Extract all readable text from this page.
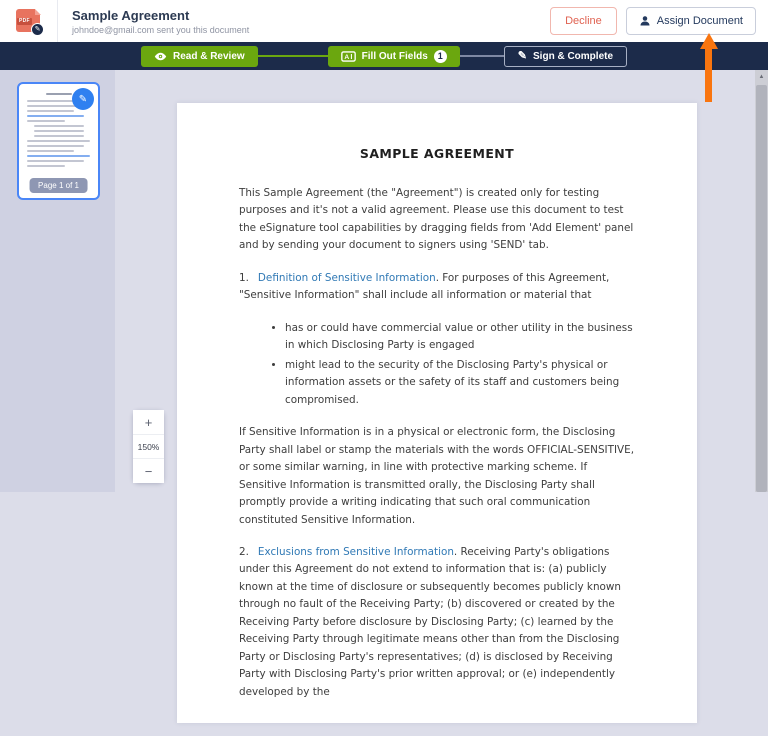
PDF
✎
Sample Agreement
johndoe@gmail.com sent you this document
Decline	Assign Document
Read & Review	A Fill Out Fields	1	✎ Sign & Complete
✎
Page 1 of 1
SAMPLE AGREEMENT

This Sample Agreement (the "Agreement") is created only for testing purposes and it's not a valid agreement. Please use this document to test the eSignature tool capabilities by dragging fields from 'Add Element' panel and by sending your document to signers using 'SEND' tab.

1. Definition of Sensitive Information. For purposes of this Agreement, "Sensitive Information" shall include all information or material that

• has or could have commercial value or other utility in the business in which Disclosing Party is engaged
• might lead to the security of the Disclosing Party's physical or information assets or the safety of its staff and customers being compromised.

If Sensitive Information is in a physical or electronic form, the Disclosing Party shall label or stamp the materials with the words OFFICIAL-SENSITIVE, or some similar warning, in line with protective marking scheme. If Sensitive Information is transmitted orally, the Disclosing Party shall promptly provide a writing indicating that such oral communication constituted Sensitive Information.

2. Exclusions from Sensitive Information. Receiving Party's obligations under this Agreement do not extend to information that is: (a) publicly known at the time of disclosure or subsequently becomes publicly known through no fault of the Receiving Party; (b) discovered or created by the Receiving Party before disclosure by Disclosing Party; (c) learned by the Receiving Party through legitimate means other than from the Disclosing Party or Disclosing Party's representatives; (d) is disclosed by Receiving Party with Disclosing Party's prior written approval; or (e) independently developed by the

+
150%
−
▲
